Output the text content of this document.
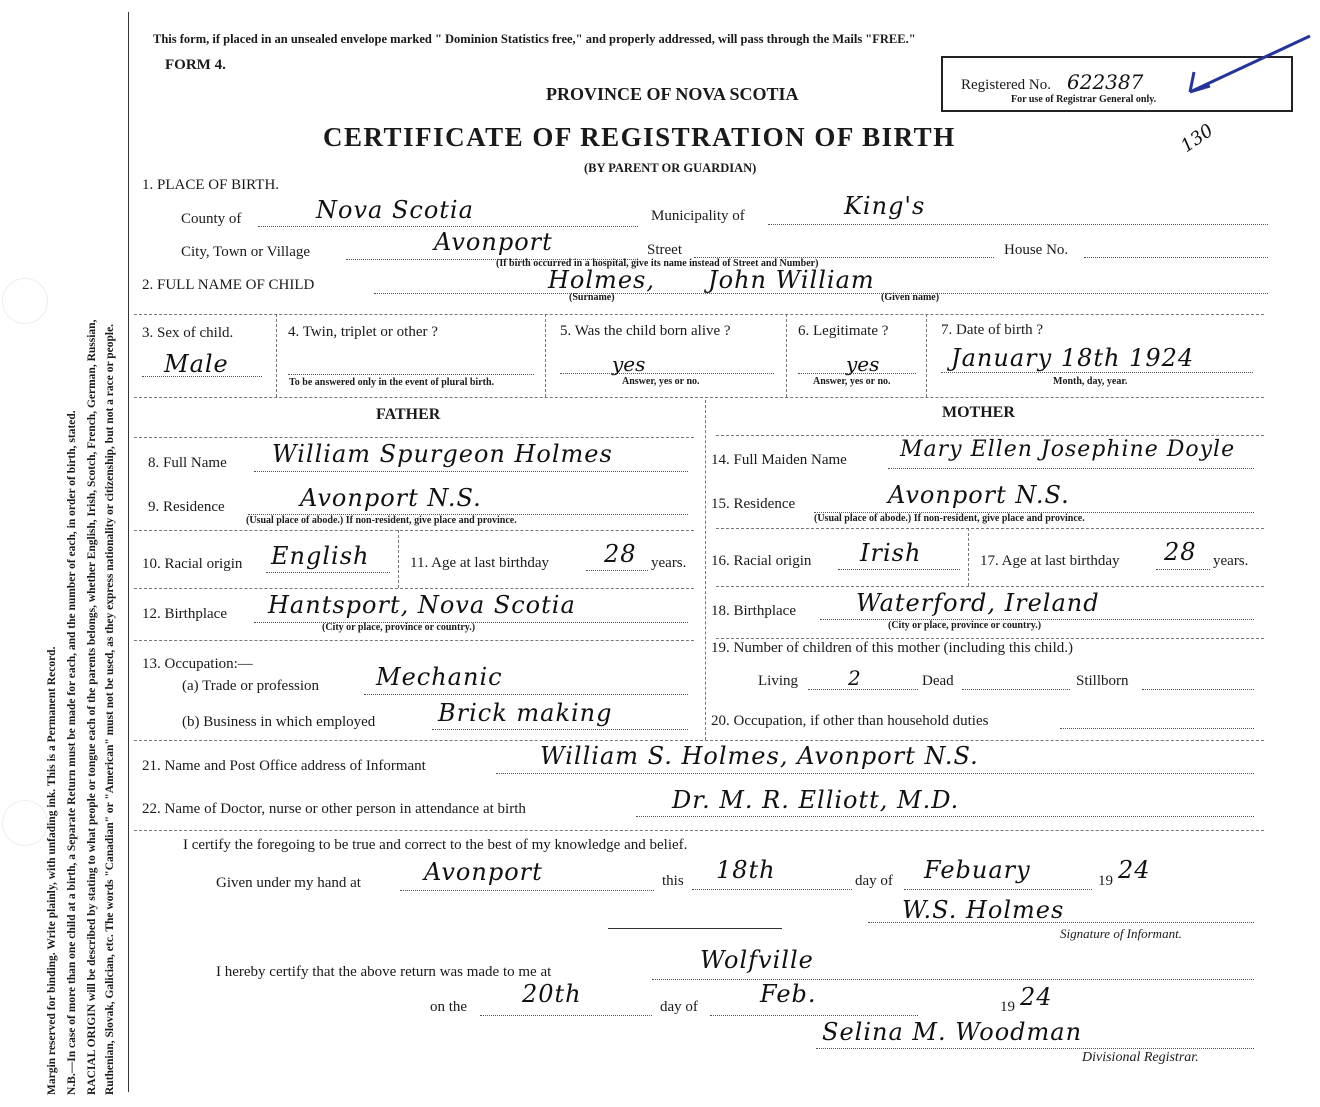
Margin reserved for binding. Write plainly, with unfading ink. This is a Permanent Record. N.B.—In case of more than one child at a birth, a Separate Return must be made for each, and the number of each, in order of birth, stated. RACIAL ORIGIN will be described by stating to what people or tongue each of the parents belongs, whether English, Irish, Scotch, French, German, Russian, Ruthenian, Slovak, Galician, etc. The words "Canadian" or "American" must not be used, as they express nationality or citizenship, but not a race or people.
This form, if placed in an unsealed envelope marked " Dominion Statistics free," and properly addressed, will pass through the Mails "FREE."
FORM 4.
PROVINCE OF NOVA SCOTIA
CERTIFICATE OF REGISTRATION OF BIRTH
(BY PARENT OR GUARDIAN)
Registered No. 622387
For use of Registrar General only.
130
1. PLACE OF BIRTH.
County of	Nova Scotia	Municipality of	King's
City, Town or Village	Avonport	Street	House No.
(If birth occurred in a hospital, give its name instead of Street and Number)
2. FULL NAME OF CHILD	Holmes, John William
(Surname)	(Given name)
3. Sex of child.
Male
4. Twin, triplet or other ?
To be answered only in the event of plural birth.
5. Was the child born alive ?
yes
Answer, yes or no.
6. Legitimate ?
yes
Answer, yes or no.
7. Date of birth ?
January 18th 1924
Month, day, year.
FATHER	MOTHER
8. Full Name William Spurgeon Holmes
9. Residence	Avonport N.S.
(Usual place of abode.) If non-resident, give place and province.
10. Racial origin English	11. Age at last birthday 28 years.
12. Birthplace Hantsport, Nova Scotia
(City or place, province or country.)
13. Occupation:—
(a) Trade or profession Mechanic
(b) Business in which employed	Brick making
14. Full Maiden Name Mary Ellen Josephine Doyle
15. Residence	Avonport N.S.
(Usual place of abode.) If non-resident, give place and province.
16. Racial origin Irish	17. Age at last birthday 28 years.
18. Birthplace	Waterford, Ireland
(City or place, province or country.)
19. Number of children of this mother (including this child.)
Living	2	Dead	Stillborn
20. Occupation, if other than household duties
21. Name and Post Office address of Informant	William S. Holmes, Avonport N.S.
22. Name of Doctor, nurse or other person in attendance at birth	Dr. M. R. Elliott, M.D.
I certify the foregoing to be true and correct to the best of my knowledge and belief.
Given under my hand at	Avonport	this 18th	day of Febuary	19 24
W.S. Holmes
Signature of Informant.
I hereby certify that the above return was made to me at	Wolfville
on the 20th	day of	Feb.	19 24
Selina M. Woodman
Divisional Registrar.
